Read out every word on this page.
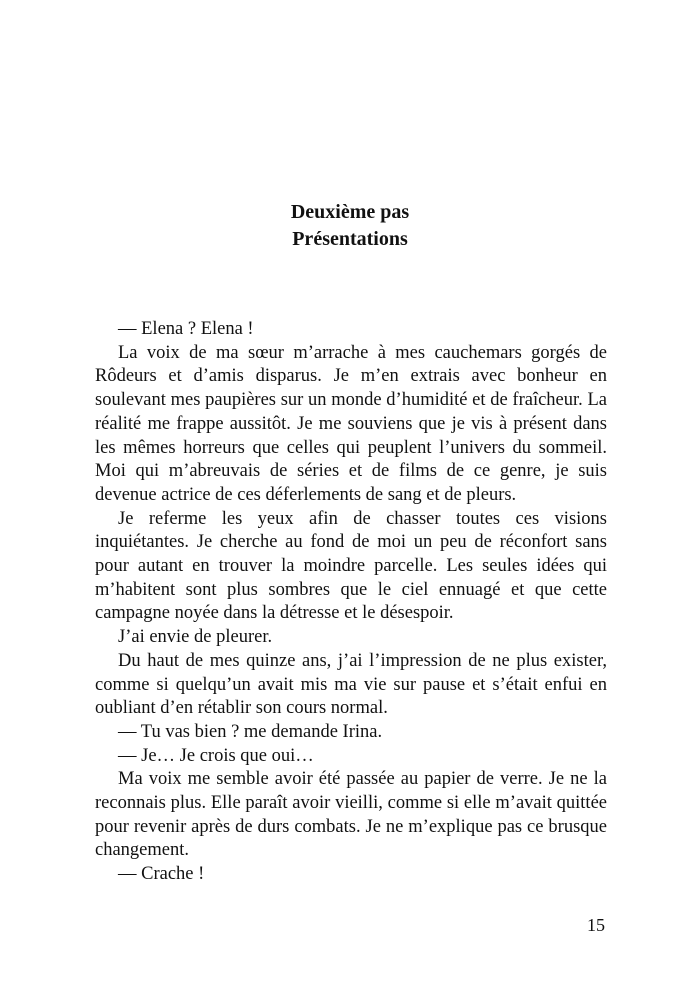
Deuxième pas
Présentations

— Elena ? Elena !

La voix de ma sœur m’arrache à mes cauchemars gorgés de Rôdeurs et d’amis disparus. Je m’en extrais avec bonheur en soulevant mes paupières sur un monde d’humidité et de fraîcheur. La réalité me frappe aussitôt. Je me souviens que je vis à présent dans les mêmes horreurs que celles qui peuplent l’univers du sommeil. Moi qui m’abreuvais de séries et de films de ce genre, je suis devenue actrice de ces déferlements de sang et de pleurs.

Je referme les yeux afin de chasser toutes ces visions inquiétantes. Je cherche au fond de moi un peu de réconfort sans pour autant en trouver la moindre parcelle. Les seules idées qui m’habitent sont plus sombres que le ciel ennuagé et que cette campagne noyée dans la détresse et le désespoir.

J’ai envie de pleurer.

Du haut de mes quinze ans, j’ai l’impression de ne plus exister, comme si quelqu’un avait mis ma vie sur pause et s’était enfui en oubliant d’en rétablir son cours normal.

— Tu vas bien ? me demande Irina.

— Je… Je crois que oui…

Ma voix me semble avoir été passée au papier de verre. Je ne la reconnais plus. Elle paraît avoir vieilli, comme si elle m’avait quittée pour revenir après de durs combats. Je ne m’explique pas ce brusque changement.

— Crache !

15
